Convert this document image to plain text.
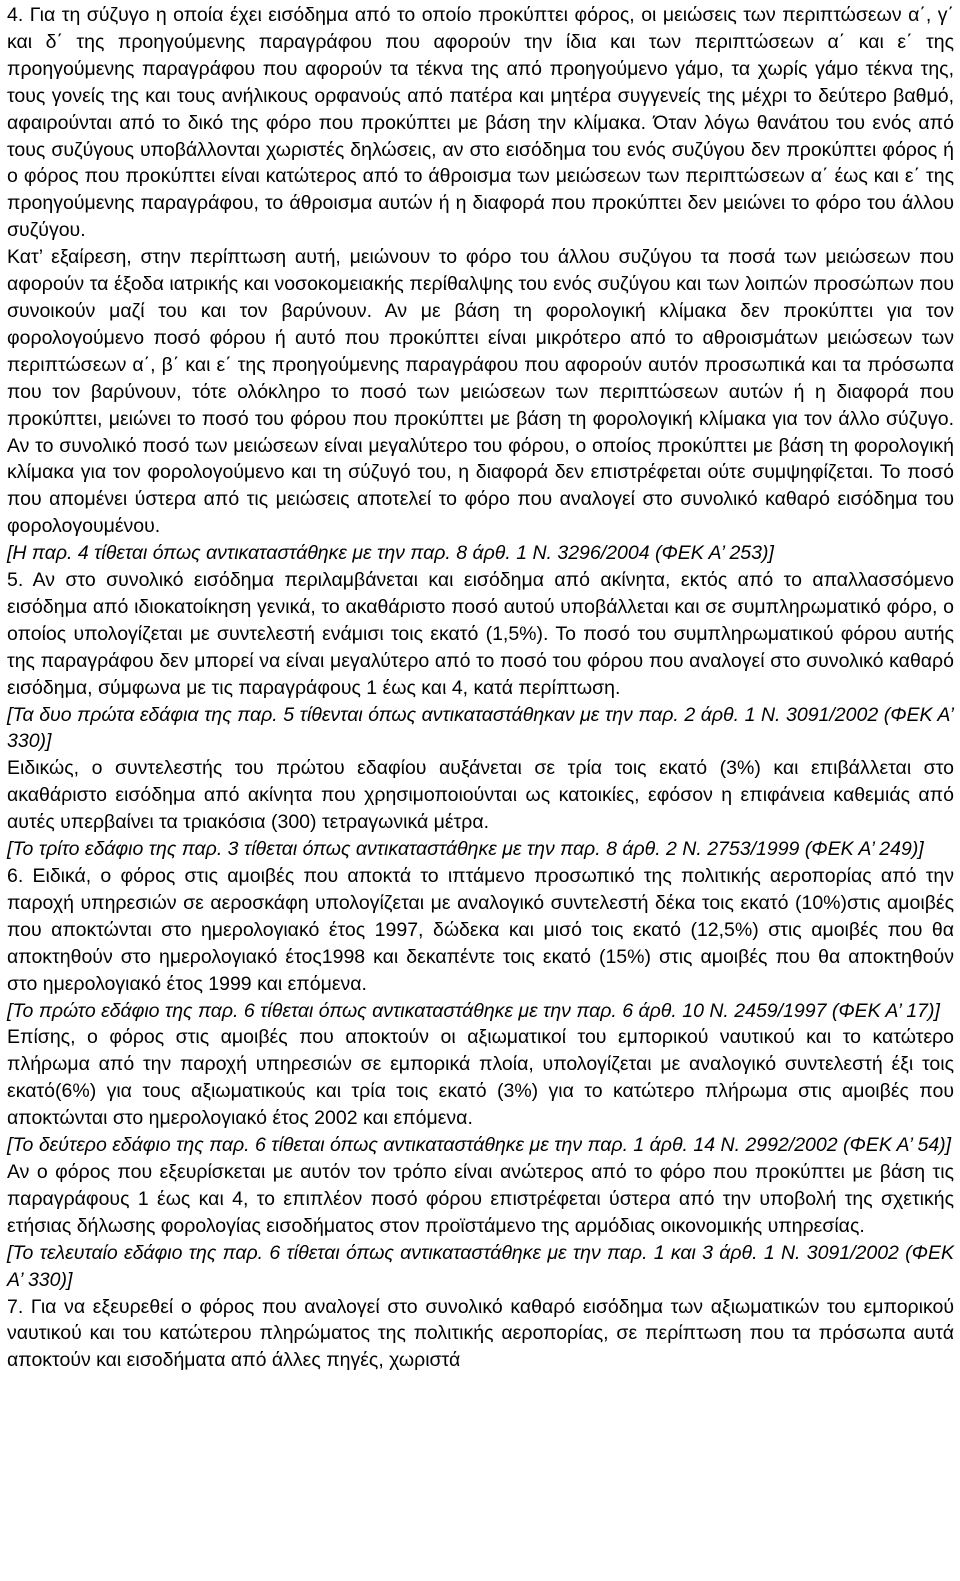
4. Για τη σύζυγο η οποία έχει εισόδημα από το οποίο προκύπτει φόρος, οι μειώσεις των περιπτώσεων α΄, γ΄ και δ΄ της προηγούμενης παραγράφου που αφορούν την ίδια και των περιπτώσεων α΄ και ε΄ της προηγούμενης παραγράφου που αφορούν τα τέκνα της από προηγούμενο γάμο, τα χωρίς γάμο τέκνα της, τους γονείς της και τους ανήλικους ορφανούς από πατέρα και μητέρα συγγενείς της μέχρι το δεύτερο βαθμό, αφαιρούνται από το δικό της φόρο που προκύπτει με βάση την κλίμακα. Όταν λόγω θανάτου του ενός από τους συζύγους υποβάλλονται χωριστές δηλώσεις, αν στο εισόδημα του ενός συζύγου δεν προκύπτει φόρος ή ο φόρος που προκύπτει είναι κατώτερος από το άθροισμα των μειώσεων των περιπτώσεων α΄ έως και ε΄ της προηγούμενης παραγράφου, το άθροισμα αυτών ή η διαφορά που προκύπτει δεν μειώνει το φόρο του άλλου συζύγου.

Κατ’ εξαίρεση, στην περίπτωση αυτή, μειώνουν το φόρο του άλλου συζύγου τα ποσά των μειώσεων που αφορούν τα έξοδα ιατρικής και νοσοκομειακής περίθαλψης του ενός συζύγου και των λοιπών προσώπων που συνοικούν μαζί του και τον βαρύνουν. Αν με βάση τη φορολογική κλίμακα δεν προκύπτει για τον φορολογούμενο ποσό φόρου ή αυτό που προκύπτει είναι μικρότερο από το αθροισμάτων μειώσεων των περιπτώσεων α΄, β΄ και ε΄ της προηγούμενης παραγράφου που αφορούν αυτόν προσωπικά και τα πρόσωπα που τον βαρύνουν, τότε ολόκληρο το ποσό των μειώσεων των περιπτώσεων αυτών ή η διαφορά που προκύπτει, μειώνει το ποσό του φόρου που προκύπτει με βάση τη φορολογική κλίμακα για τον άλλο σύζυγο. Αν το συνολικό ποσό των μειώσεων είναι μεγαλύτερο του φόρου, ο οποίος προκύπτει με βάση τη φορολογική κλίμακα για τον φορολογούμενο και τη σύζυγό του, η διαφορά δεν επιστρέφεται ούτε συμψηφίζεται. Το ποσό που απομένει ύστερα από τις μειώσεις αποτελεί το φόρο που αναλογεί στο συνολικό καθαρό εισόδημα του φορολογουμένου.

[Η παρ. 4 τίθεται όπως αντικαταστάθηκε με την παρ. 8 άρθ. 1 Ν. 3296/2004 (ΦΕΚ Α’ 253)]

5. Αν στο συνολικό εισόδημα περιλαμβάνεται και εισόδημα από ακίνητα, εκτός από το απαλλασσόμενο εισόδημα από ιδιοκατοίκηση γενικά, το ακαθάριστο ποσό αυτού υποβάλλεται και σε συμπληρωματικό φόρο, ο οποίος υπολογίζεται με συντελεστή ενάμισι τοις εκατό (1,5%). Το ποσό του συμπληρωματικού φόρου αυτής της παραγράφου δεν μπορεί να είναι μεγαλύτερο από το ποσό του φόρου που αναλογεί στο συνολικό καθαρό εισόδημα, σύμφωνα με τις παραγράφους 1 έως και 4, κατά περίπτωση.

[Τα δυο πρώτα εδάφια της παρ. 5 τίθενται όπως αντικαταστάθηκαν με την παρ. 2 άρθ. 1 Ν. 3091/2002 (ΦΕΚ Α’ 330)]

Ειδικώς, ο συντελεστής του πρώτου εδαφίου αυξάνεται σε τρία τοις εκατό (3%) και επιβάλλεται στο ακαθάριστο εισόδημα από ακίνητα που χρησιμοποιούνται ως κατοικίες, εφόσον η επιφάνεια καθεμιάς από αυτές υπερβαίνει τα τριακόσια (300) τετραγωνικά μέτρα.

[Το τρίτο εδάφιο της παρ. 3 τίθεται όπως αντικαταστάθηκε με την παρ. 8 άρθ. 2 Ν. 2753/1999 (ΦΕΚ Α’ 249)]

6. Ειδικά, ο φόρος στις αμοιβές που αποκτά το ιπτάμενο προσωπικό της πολιτικής αεροπορίας από την παροχή υπηρεσιών σε αεροσκάφη υπολογίζεται με αναλογικό συντελεστή δέκα τοις εκατό (10%)στις αμοιβές που αποκτώνται στο ημερολογιακό έτος 1997, δώδεκα και μισό τοις εκατό (12,5%) στις αμοιβές που θα αποκτηθούν στο ημερολογιακό έτος1998 και δεκαπέντε τοις εκατό (15%) στις αμοιβές που θα αποκτηθούν στο ημερολογιακό έτος 1999 και επόμενα.

[Το πρώτο εδάφιο της παρ. 6 τίθεται όπως αντικαταστάθηκε με την παρ. 6 άρθ. 10 Ν. 2459/1997 (ΦΕΚ Α’ 17)]

Επίσης, ο φόρος στις αμοιβές που αποκτούν οι αξιωματικοί του εμπορικού ναυτικού και το κατώτερο πλήρωμα από την παροχή υπηρεσιών σε εμπορικά πλοία, υπολογίζεται με αναλογικό συντελεστή έξι τοις εκατό(6%) για τους αξιωματικούς και τρία τοις εκατό (3%) για το κατώτερο πλήρωμα στις αμοιβές που αποκτώνται στο ημερολογιακό έτος 2002 και επόμενα.

[Το δεύτερο εδάφιο της παρ. 6 τίθεται όπως αντικαταστάθηκε με την παρ. 1 άρθ. 14 Ν. 2992/2002 (ΦΕΚ Α’ 54)]

Αν ο φόρος που εξευρίσκεται με αυτόν τον τρόπο είναι ανώτερος από το φόρο που προκύπτει με βάση τις παραγράφους 1 έως και 4, το επιπλέον ποσό φόρου επιστρέφεται ύστερα από την υποβολή της σχετικής ετήσιας δήλωσης φορολογίας εισοδήματος στον προϊστάμενο της αρμόδιας οικονομικής υπηρεσίας.

[Το τελευταίο εδάφιο της παρ. 6 τίθεται όπως αντικαταστάθηκε με την παρ. 1 και 3 άρθ. 1 Ν. 3091/2002 (ΦΕΚ Α’ 330)]

7. Για να εξευρεθεί ο φόρος που αναλογεί στο συνολικό καθαρό εισόδημα των αξιωματικών του εμπορικού ναυτικού και του κατώτερου πληρώματος της πολιτικής αεροπορίας, σε περίπτωση που τα πρόσωπα αυτά αποκτούν και εισοδήματα από άλλες πηγές, χωριστά
